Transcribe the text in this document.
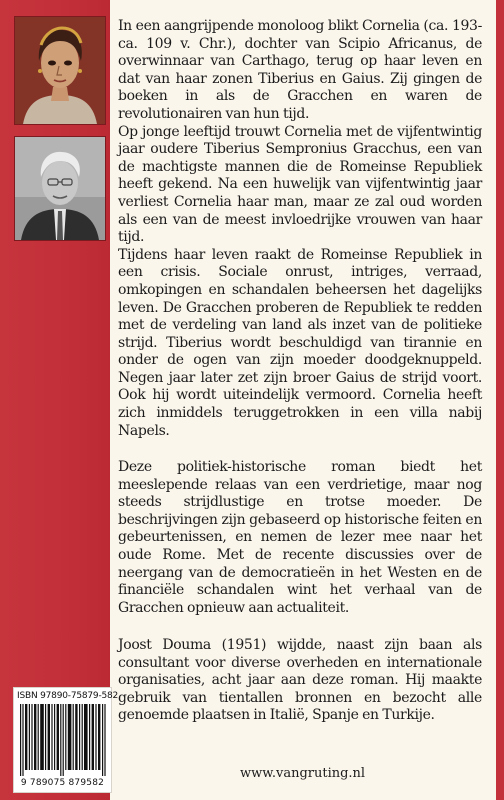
ISBN 97890-75879-582
9 789075 879582

In een aangrijpende monoloog blikt Cornelia (ca. 193-ca. 109 v. Chr.), dochter van Scipio Africanus, de overwinnaar van Carthago, terug op haar leven en dat van haar zonen Tiberius en Gaius. Zij gingen de boeken in als de Gracchen en waren de revolutionairen van hun tijd.

Op jonge leeftijd trouwt Cornelia met de vijfentwintig jaar oudere Tiberius Sempronius Gracchus, een van de machtigste mannen die de Romeinse Republiek heeft gekend. Na een huwelijk van vijfentwintig jaar verliest Cornelia haar man, maar ze zal oud worden als een van de meest invloedrijke vrouwen van haar tijd.

Tijdens haar leven raakt de Romeinse Republiek in een crisis. Sociale onrust, intriges, verraad, omkopingen en schandalen beheersen het dagelijks leven. De Gracchen proberen de Republiek te redden met de verdeling van land als inzet van de politieke strijd. Tiberius wordt beschuldigd van tirannie en onder de ogen van zijn moeder doodgeknuppeld. Negen jaar later zet zijn broer Gaius de strijd voort. Ook hij wordt uiteindelijk vermoord. Cornelia heeft zich inmiddels teruggetrokken in een villa nabij Napels.

Deze politiek-historische roman biedt het meeslepende relaas van een verdrietige, maar nog steeds strijdlustige en trotse moeder. De beschrijvingen zijn gebaseerd op historische feiten en gebeurtenissen, en nemen de lezer mee naar het oude Rome. Met de recente discussies over de neergang van de democratieën in het Westen en de financiële schandalen wint het verhaal van de Gracchen opnieuw aan actualiteit.

Joost Douma (1951) wijdde, naast zijn baan als consultant voor diverse overheden en internationale organisaties, acht jaar aan deze roman. Hij maakte gebruik van tientallen bronnen en bezocht alle genoemde plaatsen in Italië, Spanje en Turkije.

www.vangruting.nl
